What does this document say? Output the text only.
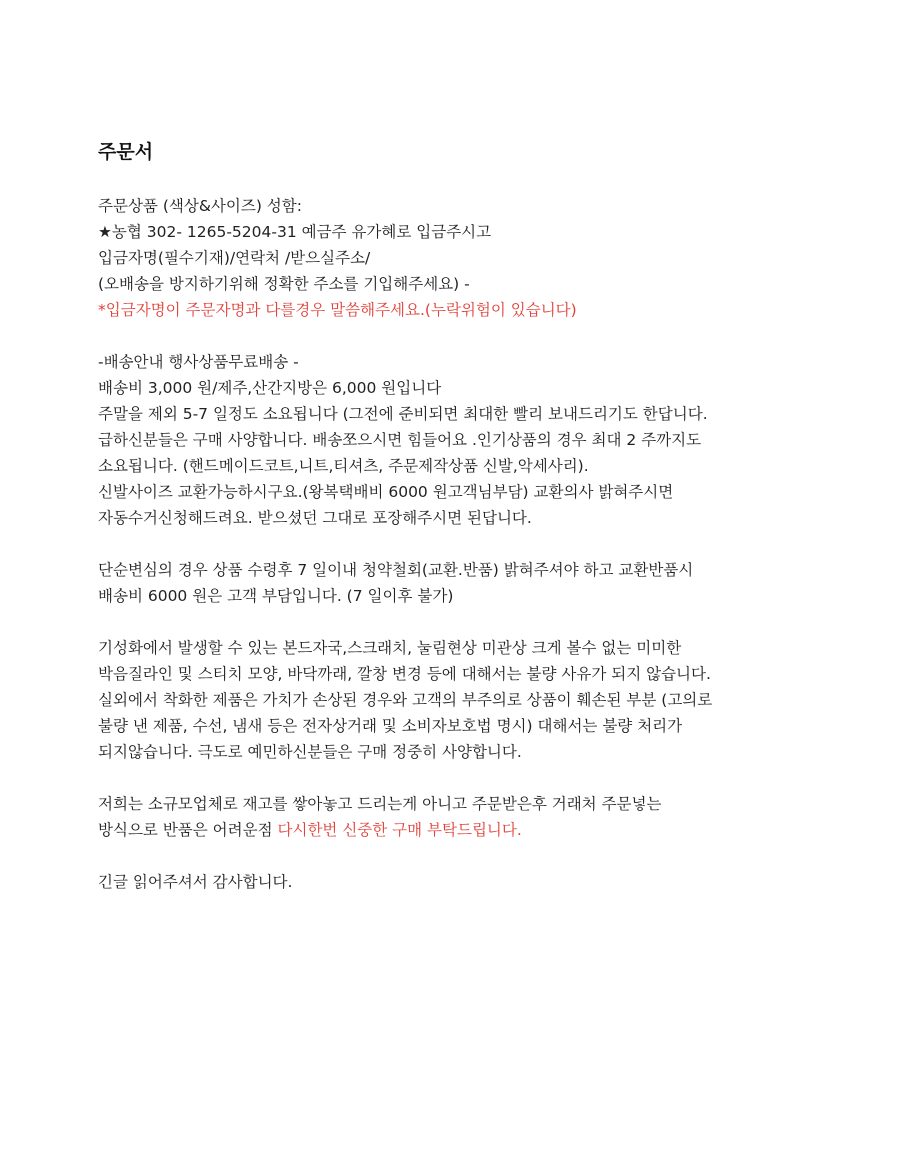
주문서
주문상품 (색상&사이즈) 성함:
★농협 302- 1265-5204-31 예금주 유가혜로 입금주시고
입금자명(필수기재)/연락처 /받으실주소/
(오배송을 방지하기위해 정확한 주소를 기입해주세요) -
*입금자명이 주문자명과 다를경우 말씀해주세요.(누락위험이 있습니다)
-배송안내 행사상품무료배송 -
배송비 3,000 원/제주,산간지방은 6,000 원입니다
주말을 제외 5-7 일정도 소요됩니다 (그전에 준비되면 최대한 빨리 보내드리기도 한답니다.
급하신분들은 구매 사양합니다. 배송쪼으시면 힘들어요 .인기상품의 경우 최대 2 주까지도
소요됩니다. (핸드메이드코트,니트,티셔츠, 주문제작상품 신발,악세사리).
신발사이즈 교환가능하시구요.(왕복택배비 6000 원고객님부담) 교환의사 밝혀주시면
자동수거신청해드려요. 받으셨던 그대로 포장해주시면 된답니다.
단순변심의 경우 상품 수령후 7 일이내 청약철회(교환.반품) 밝혀주셔야 하고 교환반품시
배송비 6000 원은 고객 부담입니다. (7 일이후 불가)
기성화에서 발생할 수 있는 본드자국,스크래치, 눌림현상 미관상 크게 볼수 없는 미미한
박음질라인 및 스티치 모양, 바닥까래, 깔창 변경 등에 대해서는 불량 사유가 되지 않습니다.
실외에서 착화한 제품은 가치가 손상된 경우와 고객의 부주의로 상품이 훼손된 부분 (고의로
불량 낸 제품, 수선, 냄새 등은 전자상거래 및 소비자보호법 명시) 대해서는 불량 처리가
되지않습니다. 극도로 예민하신분들은 구매 정중히 사양합니다.
저희는 소규모업체로 재고를 쌓아놓고 드리는게 아니고 주문받은후 거래처 주문넣는
방식으로 반품은 어려운점 다시한번 신중한 구매 부탁드립니다.
긴글 읽어주셔서 감사합니다.
